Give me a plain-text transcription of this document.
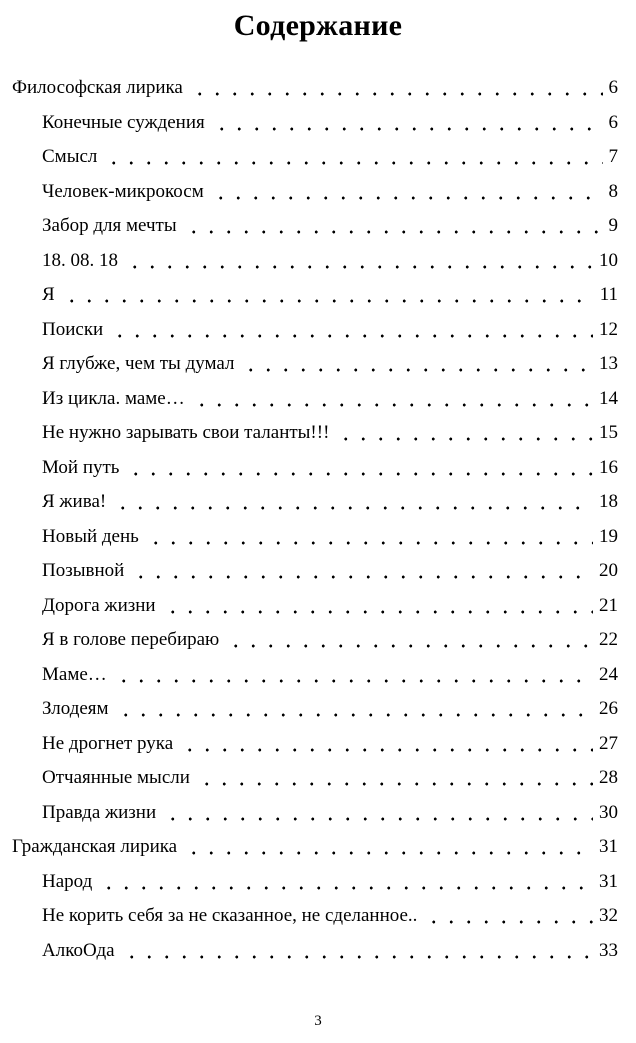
Содержание
Философская лирика	6
Конечные суждения	6
Смысл	7
Человек-микрокосм	8
Забор для мечты	9
18. 08. 18	10
Я	11
Поиски	12
Я глубже, чем ты думал	13
Из цикла. маме…	14
Не нужно зарывать свои таланты!!!	15
Мой путь	16
Я жива!	18
Новый день	19
Позывной	20
Дорога жизни	21
Я в голове перебираю	22
Маме…	24
Злодеям	26
Не дрогнет рука	27
Отчаянные мысли	28
Правда жизни	30
Гражданская лирика	31
Народ	31
Не корить себя за не сказанное, не сделанное..	32
АлкоОда	33
3
